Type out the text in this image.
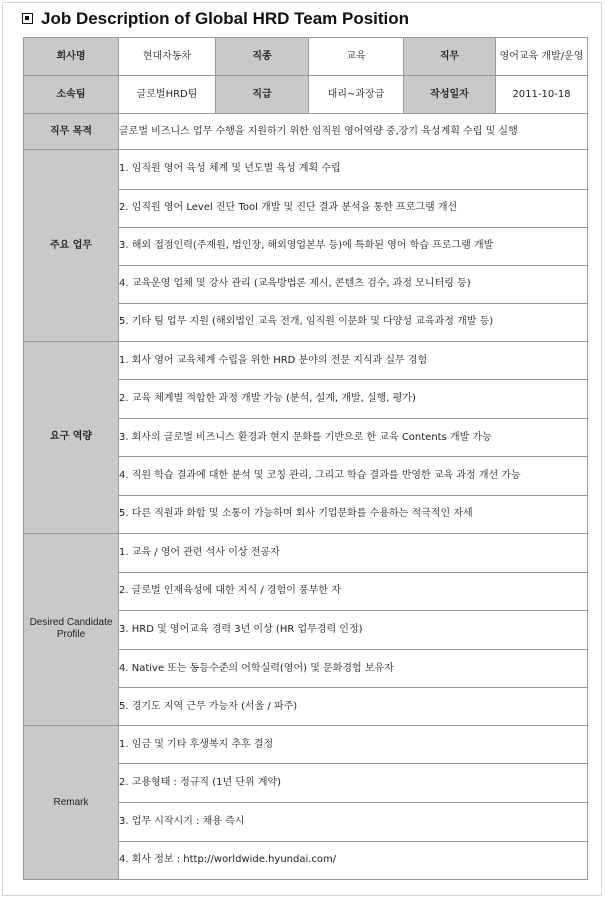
Job Description of Global HRD Team Position
회사명	현대자동차	직종	교육	직무	영어교육 개발/운영
소속팀	글로벌HRD팀	직급	대리~과장급	작성일자	2011-10-18
직무 목적	글로벌 비즈니스 업무 수행을 지원하기 위한 임직원 영어역량 중,장기 육성계획 수립 및 실행				
주요 업무	1. 임직원 영어 육성 체계 및 년도별 육성 계획 수립				
	2. 임직원 영어 Level 진단 Tool 개발 및 진단 결과 분석을 통한 프로그램 개선				
	3. 해외 접점인력(주재원, 법인장, 해외영업본부 등)에 특화된 영어 학습 프로그램 개발				
	4. 교육운영 업체 및 강사 관리 (교육방법론 제시, 콘텐츠 검수, 과정 모니터링 등)				
	5. 기타 팀 업무 지원 (해외법인 교육 전개, 임직원 이문화 및 다양성 교육과정 개발 등)				
요구 역량	1. 회사 영어 교육체계 수립을 위한 HRD 분야의 전문 지식과 실무 경험				
	2. 교육 체계별 적합한 과정 개발 가능 (분석, 설계, 개발, 실행, 평가)				
	3. 회사의 글로벌 비즈니스 환경과 현지 문화를 기반으로 한 교육 Contents 개발 가능				
	4. 직원 학습 결과에 대한 분석 및 코칭 관리, 그리고 학습 결과를 반영한 교육 과정 개선 가능				
	5. 다른 직원과 화합 및 소통이 가능하며 회사 기업문화를 수용하는 적극적인 자세				
Desired Candidate Profile	1. 교육 / 영어 관련 석사 이상 전공자				
	2. 글로벌 인재육성에 대한 지식 / 경험이 풍부한 자				
	3. HRD 및 영어교육 경력 3년 이상 (HR 업무경력 인정)				
	4. Native 또는 동등수준의 어학실력(영어) 및 문화경험 보유자				
	5. 경기도 지역 근무 가능자 (서울 / 파주)				
Remark	1. 임금 및 기타 후생복지 추후 결정				
	2. 고용형태 : 정규직 (1년 단위 계약)				
	3. 업무 시작시기 : 채용 즉시				
	4. 회사 정보 : http://worldwide.hyundai.com/				
